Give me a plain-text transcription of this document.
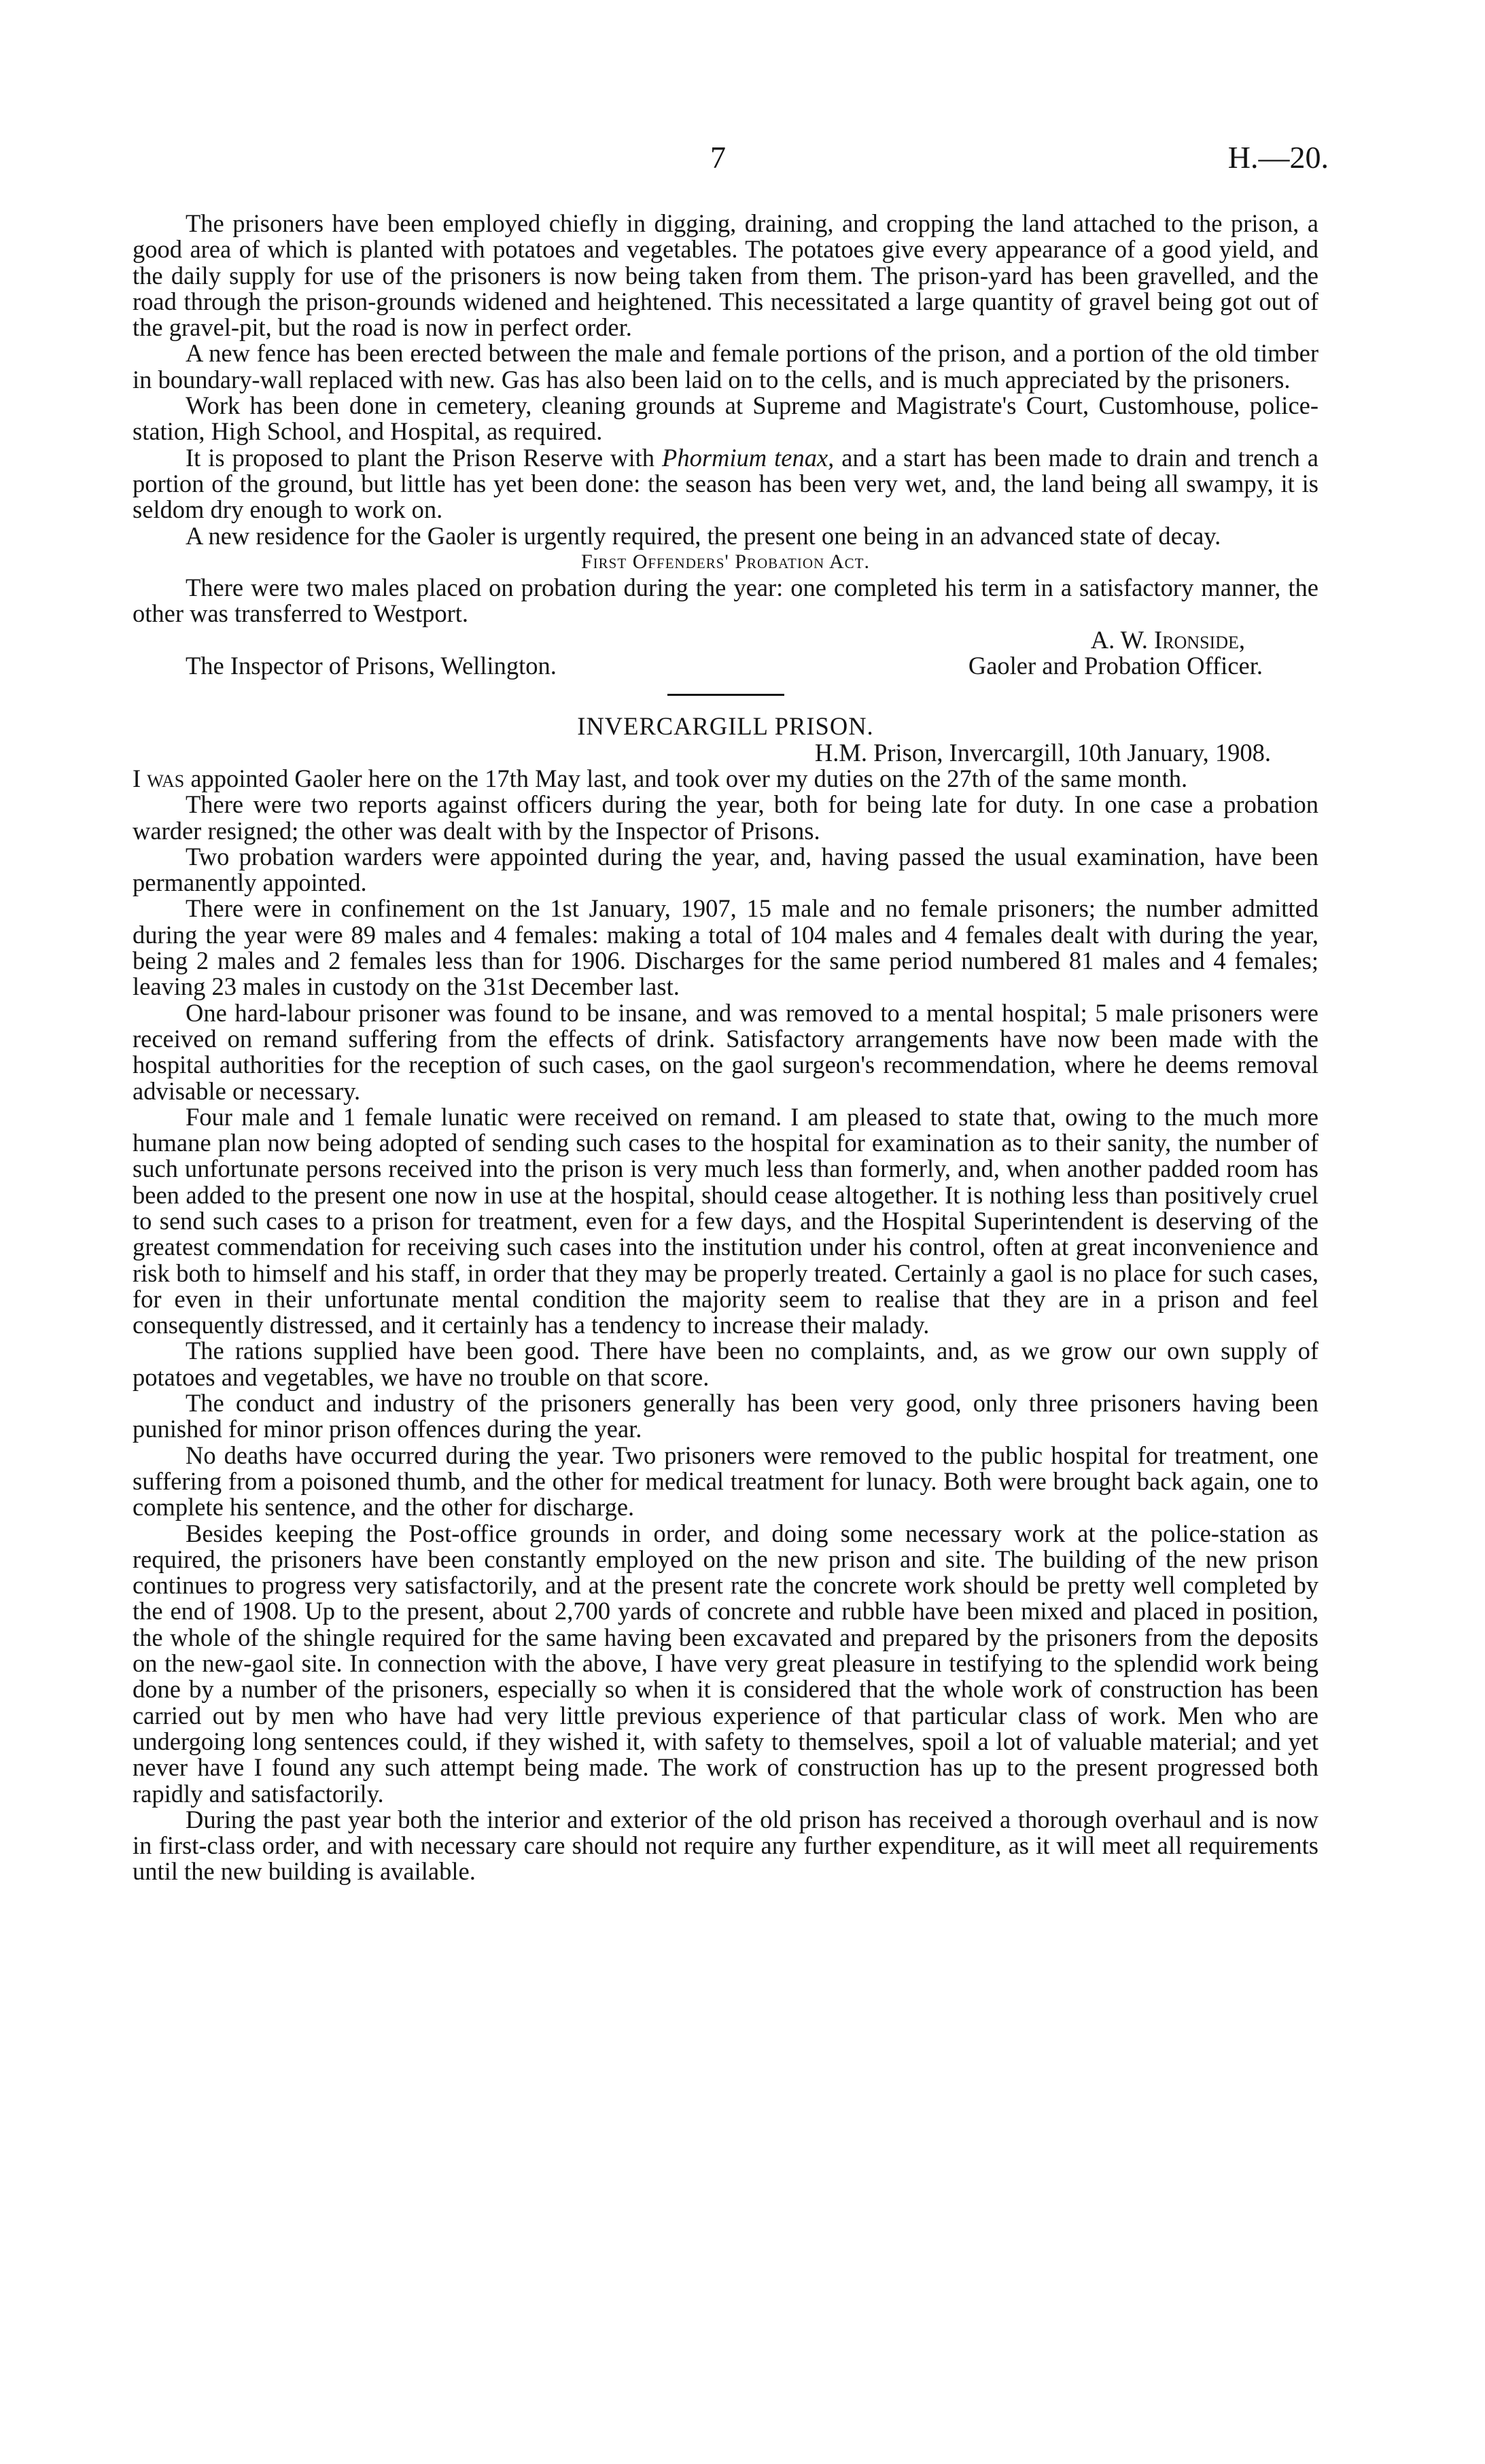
7	H.—20.

The prisoners have been employed chiefly in digging, draining, and cropping the land attached to the prison, a good area of which is planted with potatoes and vegetables. The potatoes give every appearance of a good yield, and the daily supply for use of the prisoners is now being taken from them. The prison-yard has been gravelled, and the road through the prison-grounds widened and heightened. This necessitated a large quantity of gravel being got out of the gravel-pit, but the road is now in perfect order.

A new fence has been erected between the male and female portions of the prison, and a portion of the old timber in boundary-wall replaced with new. Gas has also been laid on to the cells, and is much appreciated by the prisoners.

Work has been done in cemetery, cleaning grounds at Supreme and Magistrate's Court, Customhouse, police-station, High School, and Hospital, as required.

It is proposed to plant the Prison Reserve with Phormium tenax, and a start has been made to drain and trench a portion of the ground, but little has yet been done: the season has been very wet, and, the land being all swampy, it is seldom dry enough to work on.

A new residence for the Gaoler is urgently required, the present one being in an advanced state of decay.

First Offenders' Probation Act.

There were two males placed on probation during the year: one completed his term in a satisfactory manner, the other was transferred to Westport.

A. W. Ironside,
The Inspector of Prisons, Wellington.	Gaoler and Probation Officer.

INVERCARGILL PRISON.

H.M. Prison, Invercargill, 10th January, 1908.

I was appointed Gaoler here on the 17th May last, and took over my duties on the 27th of the same month.

There were two reports against officers during the year, both for being late for duty. In one case a probation warder resigned; the other was dealt with by the Inspector of Prisons.

Two probation warders were appointed during the year, and, having passed the usual examination, have been permanently appointed.

There were in confinement on the 1st January, 1907, 15 male and no female prisoners; the number admitted during the year were 89 males and 4 females: making a total of 104 males and 4 females dealt with during the year, being 2 males and 2 females less than for 1906. Discharges for the same period numbered 81 males and 4 females; leaving 23 males in custody on the 31st December last.

One hard-labour prisoner was found to be insane, and was removed to a mental hospital; 5 male prisoners were received on remand suffering from the effects of drink. Satisfactory arrangements have now been made with the hospital authorities for the reception of such cases, on the gaol surgeon's recommendation, where he deems removal advisable or necessary.

Four male and 1 female lunatic were received on remand. I am pleased to state that, owing to the much more humane plan now being adopted of sending such cases to the hospital for examination as to their sanity, the number of such unfortunate persons received into the prison is very much less than formerly, and, when another padded room has been added to the present one now in use at the hospital, should cease altogether. It is nothing less than positively cruel to send such cases to a prison for treatment, even for a few days, and the Hospital Superintendent is deserving of the greatest commendation for receiving such cases into the institution under his control, often at great inconvenience and risk both to himself and his staff, in order that they may be properly treated. Certainly a gaol is no place for such cases, for even in their unfortunate mental condition the majority seem to realise that they are in a prison and feel consequently distressed, and it certainly has a tendency to increase their malady.

The rations supplied have been good. There have been no complaints, and, as we grow our own supply of potatoes and vegetables, we have no trouble on that score.

The conduct and industry of the prisoners generally has been very good, only three prisoners having been punished for minor prison offences during the year.

No deaths have occurred during the year. Two prisoners were removed to the public hospital for treatment, one suffering from a poisoned thumb, and the other for medical treatment for lunacy. Both were brought back again, one to complete his sentence, and the other for discharge.

Besides keeping the Post-office grounds in order, and doing some necessary work at the police-station as required, the prisoners have been constantly employed on the new prison and site. The building of the new prison continues to progress very satisfactorily, and at the present rate the concrete work should be pretty well completed by the end of 1908. Up to the present, about 2,700 yards of concrete and rubble have been mixed and placed in position, the whole of the shingle required for the same having been excavated and prepared by the prisoners from the deposits on the new-gaol site. In connection with the above, I have very great pleasure in testifying to the splendid work being done by a number of the prisoners, especially so when it is considered that the whole work of construction has been carried out by men who have had very little previous experience of that particular class of work. Men who are undergoing long sentences could, if they wished it, with safety to themselves, spoil a lot of valuable material; and yet never have I found any such attempt being made. The work of construction has up to the present progressed both rapidly and satisfactorily.

During the past year both the interior and exterior of the old prison has received a thorough overhaul and is now in first-class order, and with necessary care should not require any further expenditure, as it will meet all requirements until the new building is available.
